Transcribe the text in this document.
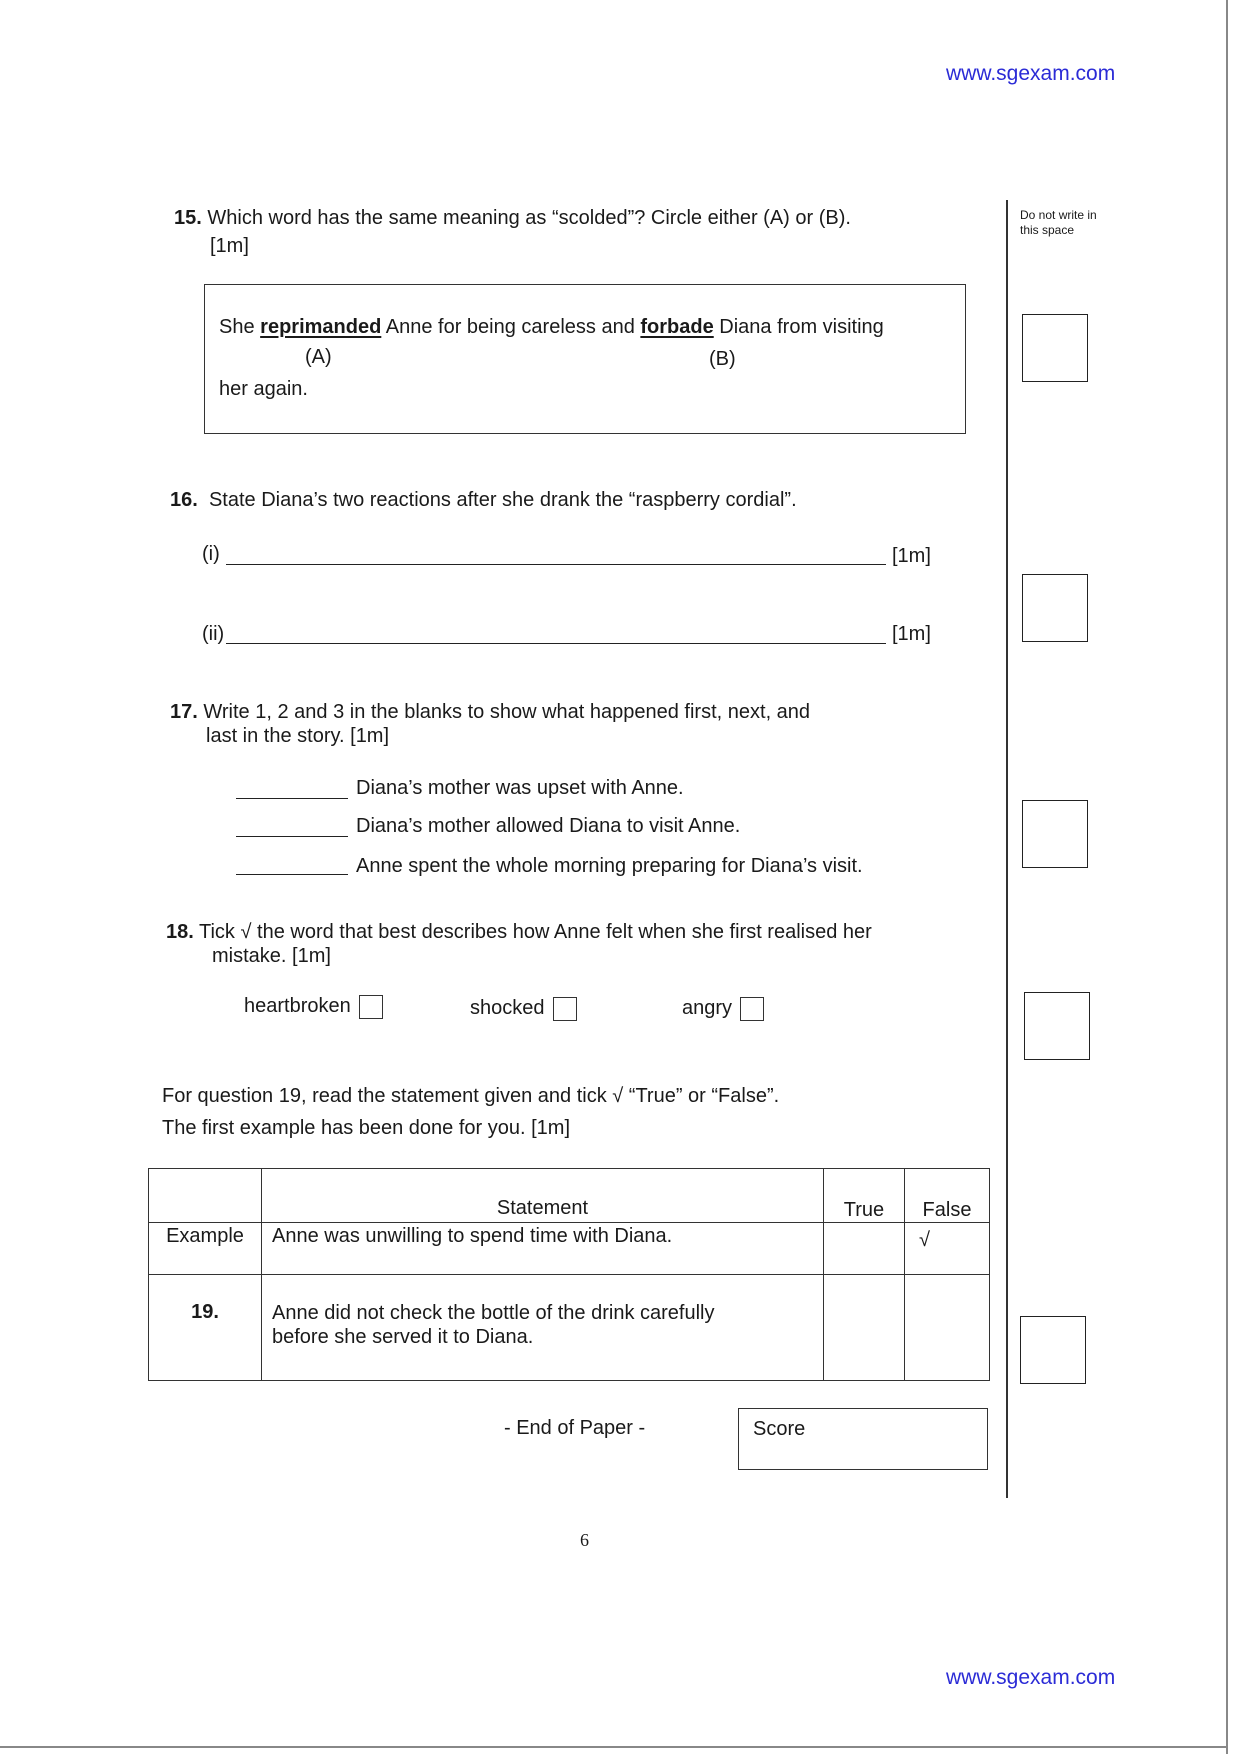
www.sgexam.com
www.sgexam.com
Do not write in this space
15. Which word has the same meaning as “scolded”? Circle either (A) or (B).
[1m]
She reprimanded Anne for being careless and forbade Diana from visiting
(A)	(B)
her again.
16. State Diana’s two reactions after she drank the “raspberry cordial”.
(i)	[1m]
(ii)	[1m]
17. Write 1, 2 and 3 in the blanks to show what happened first, next, and
last in the story. [1m]
Diana’s mother was upset with Anne.
Diana’s mother allowed Diana to visit Anne.
Anne spent the whole morning preparing for Diana’s visit.
18. Tick √ the word that best describes how Anne felt when she first realised her
mistake. [1m]
heartbroken	shocked	angry
For question 19, read the statement given and tick √ “True” or “False”.
The first example has been done for you. [1m]
	Statement	True	False
Example	Anne was unwilling to spend time with Diana.		√
19.	Anne did not check the bottle of the drink carefully
before she served it to Diana.		

- End of Paper -	Score
6
